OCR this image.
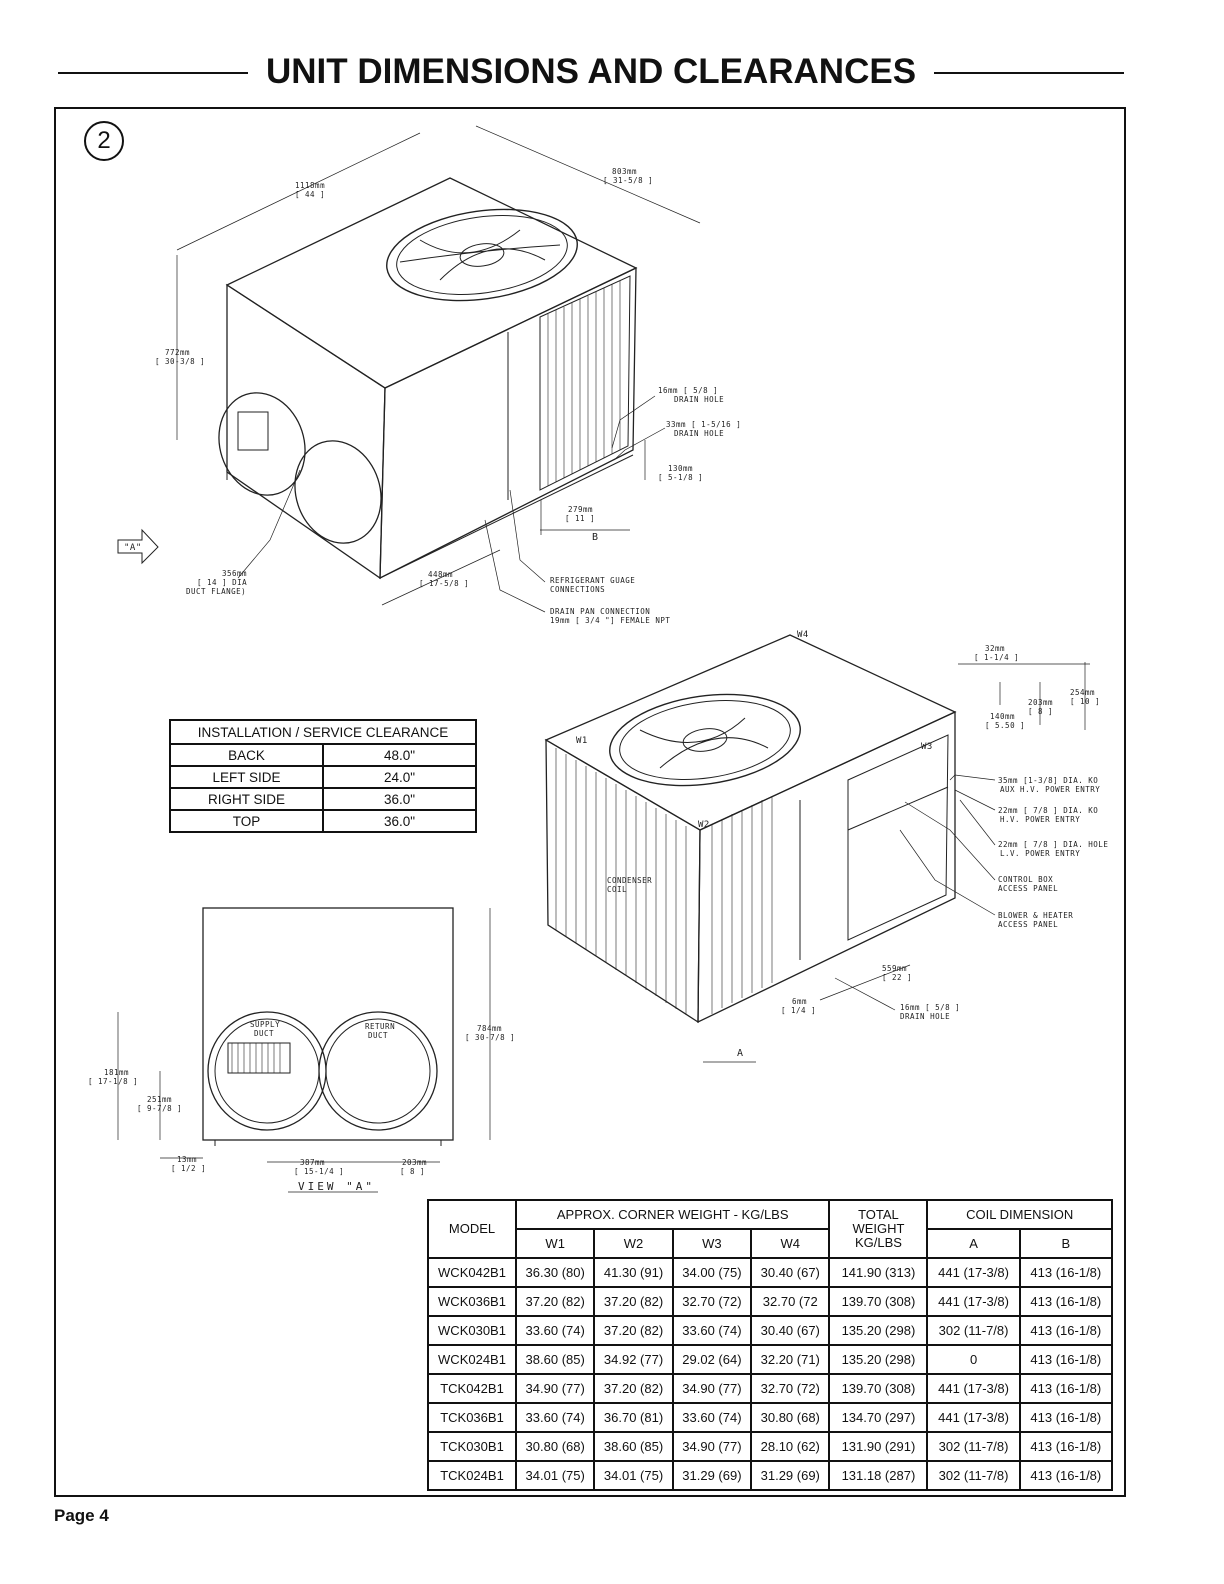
UNIT DIMENSIONS AND CLEARANCES
2
1118mm
[ 44 ]
803mm
[ 31-5/8 ]
772mm
[ 30-3/8 ]
16mm [ 5/8 ]
DRAIN HOLE
33mm [ 1-5/16 ]
DRAIN HOLE
130mm
[ 5-1/8 ]
279mm
[ 11 ]
B
"A"
356mm
[ 14 ] DIA
DUCT FLANGE)
448mm
[ 17-5/8 ]	REFRIGERANT GUAGE
CONNECTIONS
DRAIN PAN CONNECTION
19mm [ 3/4 "] FEMALE NPT
W1
W2
W3
W4
32mm
[ 1-1/4 ]
254mm
[ 10 ]
203mm
[ 8 ]
140mm
[ 5.50 ]
35mm [1-3/8] DIA. KO
AUX H.V. POWER ENTRY
22mm [ 7/8 ] DIA. KO
H.V. POWER ENTRY
22mm [ 7/8 ] DIA. HOLE
L.V. POWER ENTRY
CONTROL BOX
ACCESS PANEL
BLOWER & HEATER
ACCESS PANEL
CONDENSER
COIL
559mm
[ 22 ]
6mm
[ 1/4 ]	16mm [ 5/8 ]
DRAIN HOLE
A
SUPPLY
DUCT
RETURN
DUCT
784mm
[ 30-7/8 ]
181mm
[ 17-1/8 ]
251mm
[ 9-7/8 ]
13mm
[ 1/2 ]
387mm
[ 15-1/4 ]
203mm
[ 8 ]
VIEW "A"
INSTALLATION / SERVICE CLEARANCE	
BACK	48.0"
LEFT SIDE	24.0"
RIGHT SIDE	36.0"
TOP	36.0"
MODEL	APPROX. CORNER WEIGHT - KG/LBS				TOTAL WEIGHT KG/LBS	COIL DIMENSION	
	W1	W2	W3	W4		A	B
WCK042B1	36.30 (80)	41.30 (91)	34.00 (75)	30.40 (67)	141.90 (313)	441 (17-3/8)	413 (16-1/8)
WCK036B1	37.20 (82)	37.20 (82)	32.70 (72)	32.70 (72	139.70 (308)	441 (17-3/8)	413 (16-1/8)
WCK030B1	33.60 (74)	37.20 (82)	33.60 (74)	30.40 (67)	135.20 (298)	302 (11-7/8)	413 (16-1/8)
WCK024B1	38.60 (85)	34.92 (77)	29.02 (64)	32.20 (71)	135.20 (298)	0	413 (16-1/8)
TCK042B1	34.90 (77)	37.20 (82)	34.90 (77)	32.70 (72)	139.70 (308)	441 (17-3/8)	413 (16-1/8)
TCK036B1	33.60 (74)	36.70 (81)	33.60 (74)	30.80 (68)	134.70 (297)	441 (17-3/8)	413 (16-1/8)
TCK030B1	30.80 (68)	38.60 (85)	34.90 (77)	28.10 (62)	131.90 (291)	302 (11-7/8)	413 (16-1/8)
TCK024B1	34.01 (75)	34.01 (75)	31.29 (69)	31.29 (69)	131.18 (287)	302 (11-7/8)	413 (16-1/8)
Page 4
